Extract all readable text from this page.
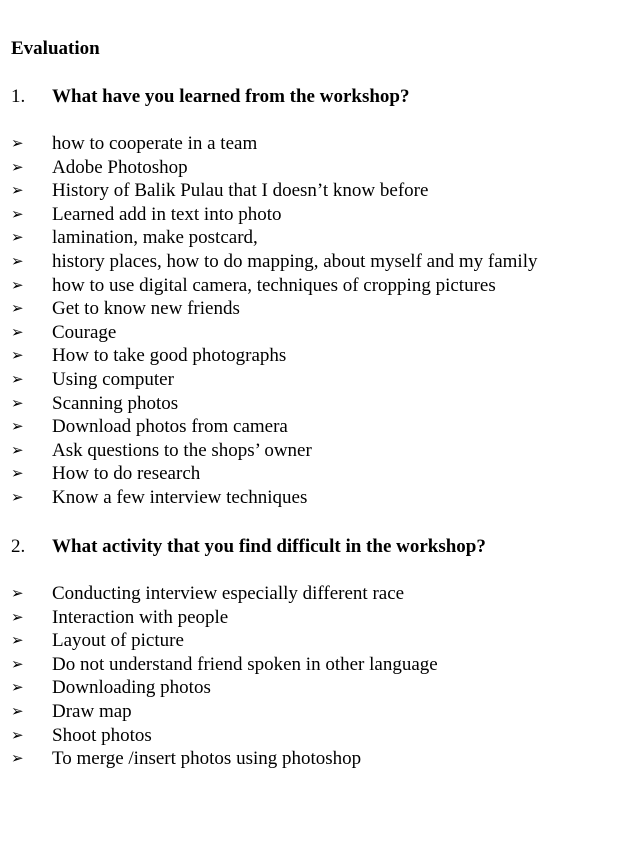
Evaluation
1. What have you learned from the workshop?
➢ how to cooperate in a team
➢ Adobe Photoshop
➢ History of Balik Pulau that I doesn’t know before
➢ Learned add in text into photo
➢ lamination, make postcard,
➢ history places, how to do mapping, about myself and my family
➢ how to use digital camera, techniques of cropping pictures
➢ Get to know new friends
➢ Courage
➢ How to take good photographs
➢ Using computer
➢ Scanning photos
➢ Download photos from camera
➢ Ask questions to the shops’ owner
➢ How to do research
➢ Know a few interview techniques
2. What activity that you find difficult in the workshop?
➢ Conducting interview especially different race
➢ Interaction with people
➢ Layout of picture
➢ Do not understand friend spoken in other language
➢ Downloading photos
➢ Draw map
➢ Shoot photos
➢ To merge /insert photos using photoshop
